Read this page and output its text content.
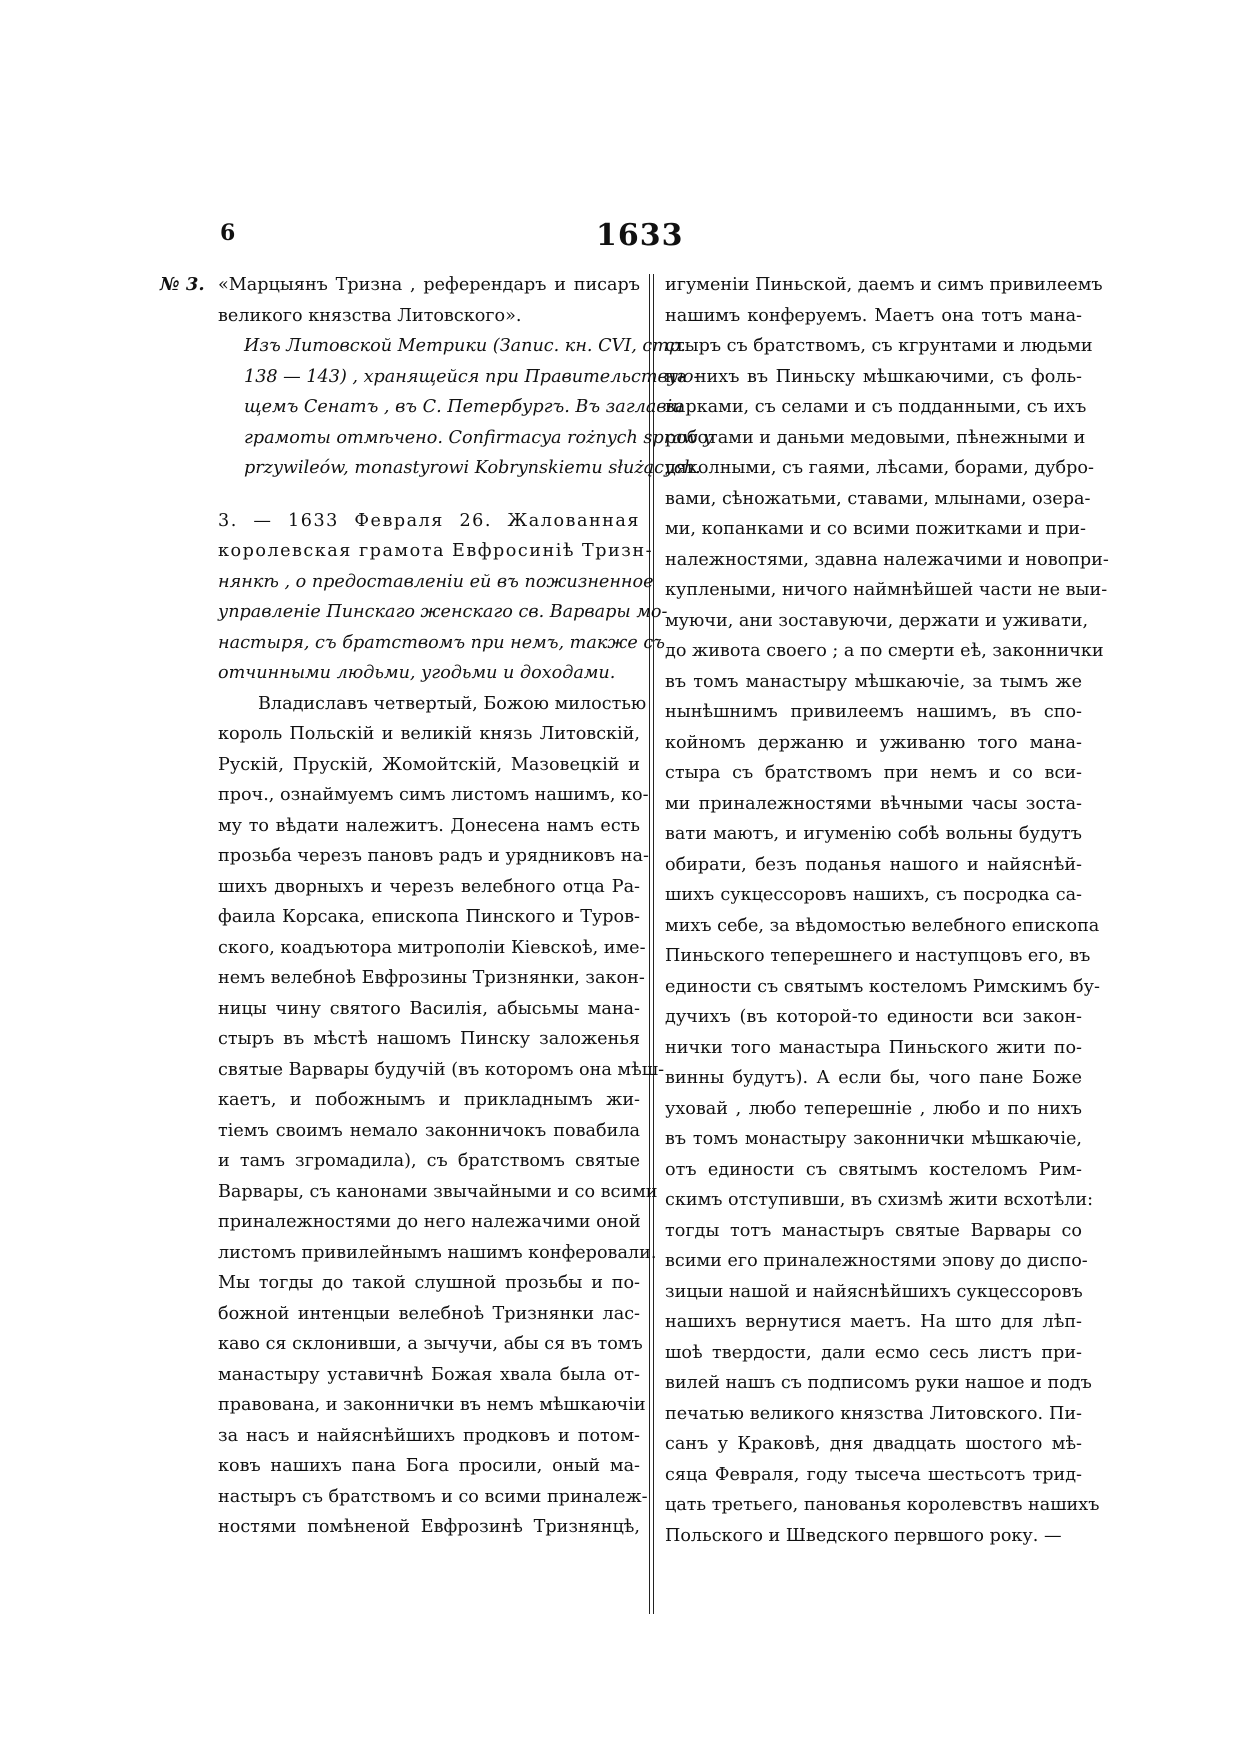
6	1633
№ 3. «Марцыянъ Тризна , референдаръ и писаръ
великого князства Литовского».
Изъ Литовской Метрики (Запис. кн. CVI, стр.
138 — 143) , хранящейся при Правительствую-
щемъ Сенатъ , въ С. Петербургъ. Въ заглавіи
грамоты отмѣчено. Confirmacya rożnych spraw y
przywilеów, monastyrowi Kobrynskiemu służących.
3. — 1633 Февраля 26. Жалованная
королевская грамота Евфросиніѣ Тризн-
нянкѣ , о предоставленіи ей въ пожизненное
управленіе Пинскаго женскаго св. Варвары мо-
настыря, съ братствомъ при немъ, также съ
отчинными людьми, угодьми и доходами.
Владиславъ четвертый, Божою милостью
король Польскій и великій князь Литовскій,
Рускій, Прускій, Жомойтскій, Мазовецкій и
проч., ознаймуемъ симъ листомъ нашимъ, ко-
му то вѣдати належитъ. Донесена намъ есть
прозьба черезъ пановъ радъ и урядниковъ на-
шихъ дворныхъ и черезъ велебного отца Ра-
фаила Корсака, епископа Пинского и Туров-
ского, коадъютора митрополіи Кіевскоѣ, име-
немъ велебноѣ Евфрозины Тризнянки, закон-
ницы чину святого Василія, абысьмы мана-
стыръ въ мѣстѣ нашомъ Пинску заложенья
святые Варвары будучій (въ которомъ она мѣш-
каетъ, и побожнымъ и прикладнымъ жи-
тіемъ своимъ немало законничокъ повабила
и тамъ згромадила), съ братствомъ святые
Варвары, съ канонами звычайными и со всими
приналежностями до него належачими оной
листомъ привилейнымъ нашимъ конферовали.
Мы тогды до такой слушной прозьбы и по-
божной интенцыи велебноѣ Тризнянки лас-
каво ся склонивши, а зычучи, абы ся въ томъ
манастыру уставичнѣ Божая хвала была от-
правована, и законнички въ немъ мѣшкаючіи
за насъ и найяснѣйшихъ продковъ и потом-
ковъ нашихъ пана Бога просили, оный ма-
настыръ съ братствомъ и со всими приналеж-
ностями помѣненой Евфрозинѣ Тризнянцѣ,
игуменіи Пиньской, даемъ и симъ привилеемъ
нашимъ конферуемъ. Маетъ она тотъ мана-
стыръ съ братствомъ, съ кгрунтами и людьми
на нихъ въ Пиньску мѣшкаючими, съ фоль-
варками, съ селами и съ подданными, съ ихъ
роботами и даньми медовыми, пѣнежными и
дяколными, съ гаями, лѣсами, борами, дубро-
вами, сѣножатьми, ставами, млынами, озера-
ми, копанками и со всими пожитками и при-
належностями, здавна належачими и новопри-
куплеными, ничого наймнѣйшей части не выи-
муючи, ани зоставуючи, держати и уживати,
до живота своего ; а по смерти еѣ, законнички
въ томъ манастыру мѣшкаючіе, за тымъ же
нынѣшнимъ привилеемъ нашимъ, въ спо-
койномъ держаню и уживаню того мана-
стыра съ братствомъ при немъ и со вси-
ми приналежностями вѣчными часы зоста-
вати маютъ, и игуменію собѣ вольны будутъ
обирати, безъ поданья нашого и найяснѣй-
шихъ сукцессоровъ нашихъ, съ посродка са-
михъ себе, за вѣдомостью велебного епископа
Пиньского теперешнего и наступцовъ его, въ
единости съ святымъ костеломъ Римскимъ бу-
дучихъ (въ которой-то единости вси закон-
нички того манастыра Пиньского жити по-
винны будутъ). А если бы, чого пане Боже
уховай , любо теперешніе , любо и по нихъ
въ томъ монастыру законнички мѣшкаючіе,
отъ единости съ святымъ костеломъ Рим-
скимъ отступивши, въ схизмѣ жити всхотѣли:
тогды тотъ манастыръ святые Варвары со
всими его приналежностями эпову до диспо-
зицыи нашой и найяснѣйшихъ сукцессоровъ
нашихъ вернутися маетъ. На што для лѣп-
шоѣ твердости, дали есмо сесь листъ при-
вилей нашъ съ подписомъ руки нашое и подъ
печатью великого князства Литовского. Пи-
санъ у Краковѣ, дня двадцать шостого мѣ-
сяца Февраля, году тысеча шестьсотъ трид-
цать третьего, панованья королевствъ нашихъ
Польского и Шведского первшого року. —
